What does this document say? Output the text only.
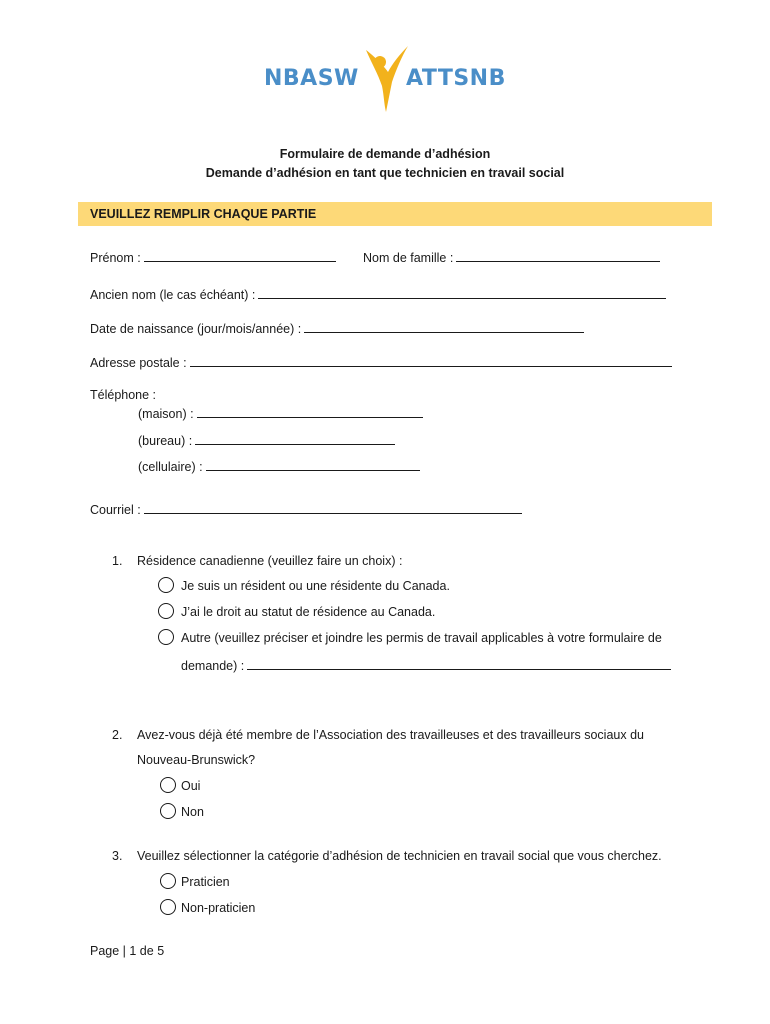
NBASW ATTSNB
Formulaire de demande d’adhésion
Demande d’adhésion en tant que technicien en travail social
VEUILLEZ REMPLIR CHAQUE PARTIE
Prénom :	Nom de famille :
Ancien nom (le cas échéant) :
Date de naissance (jour/mois/année) :
Adresse postale :
Téléphone :
(maison) :
(bureau) :
(cellulaire) :
Courriel :
1. Résidence canadienne (veuillez faire un choix) :
Je suis un résident ou une résidente du Canada.
J’ai le droit au statut de résidence au Canada.
Autre (veuillez préciser et joindre les permis de travail applicables à votre formulaire de
demande) :
2. Avez-vous déjà été membre de l’Association des travailleuses et des travailleurs sociaux du
Nouveau-Brunswick?
Oui
Non
3. Veuillez sélectionner la catégorie d’adhésion de technicien en travail social que vous cherchez.
Praticien
Non-praticien
Page | 1 de 5
